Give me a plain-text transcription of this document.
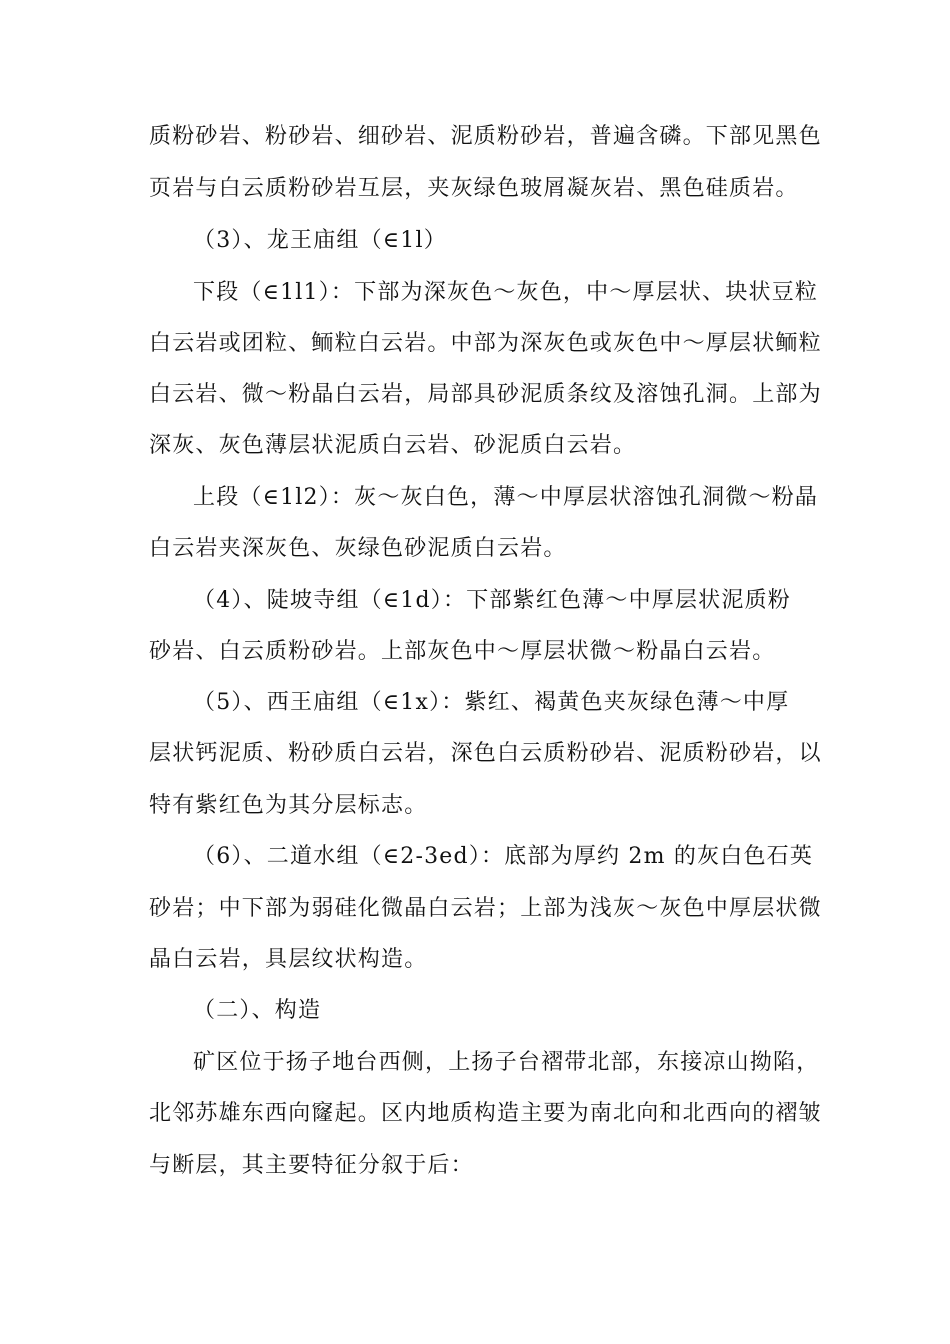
质粉砂岩、粉砂岩、细砂岩、泥质粉砂岩，普遍含磷。下部见黑色
页岩与白云质粉砂岩互层，夹灰绿色玻屑凝灰岩、黑色硅质岩。
（3）、龙王庙组（∈1l）
下段（∈1l1）：下部为深灰色～灰色，中～厚层状、块状豆粒
白云岩或团粒、鲕粒白云岩。中部为深灰色或灰色中～厚层状鲕粒
白云岩、微～粉晶白云岩，局部具砂泥质条纹及溶蚀孔洞。上部为
深灰、灰色薄层状泥质白云岩、砂泥质白云岩。
上段（∈1l2）：灰～灰白色，薄～中厚层状溶蚀孔洞微～粉晶
白云岩夹深灰色、灰绿色砂泥质白云岩。
（4）、陡坡寺组（∈1d）：下部紫红色薄～中厚层状泥质粉
砂岩、白云质粉砂岩。上部灰色中～厚层状微～粉晶白云岩。
（5）、西王庙组（∈1x）：紫红、褐黄色夹灰绿色薄～中厚
层状钙泥质、粉砂质白云岩，深色白云质粉砂岩、泥质粉砂岩，以
特有紫红色为其分层标志。
（6）、二道水组（∈2-3ed）：底部为厚约 2m 的灰白色石英
砂岩；中下部为弱硅化微晶白云岩；上部为浅灰～灰色中厚层状微
晶白云岩，具层纹状构造。
（二）、构造
矿区位于扬子地台西侧，上扬子台褶带北部，东接凉山拗陷，
北邻苏雄东西向窿起。区内地质构造主要为南北向和北西向的褶皱
与断层，其主要特征分叙于后：
